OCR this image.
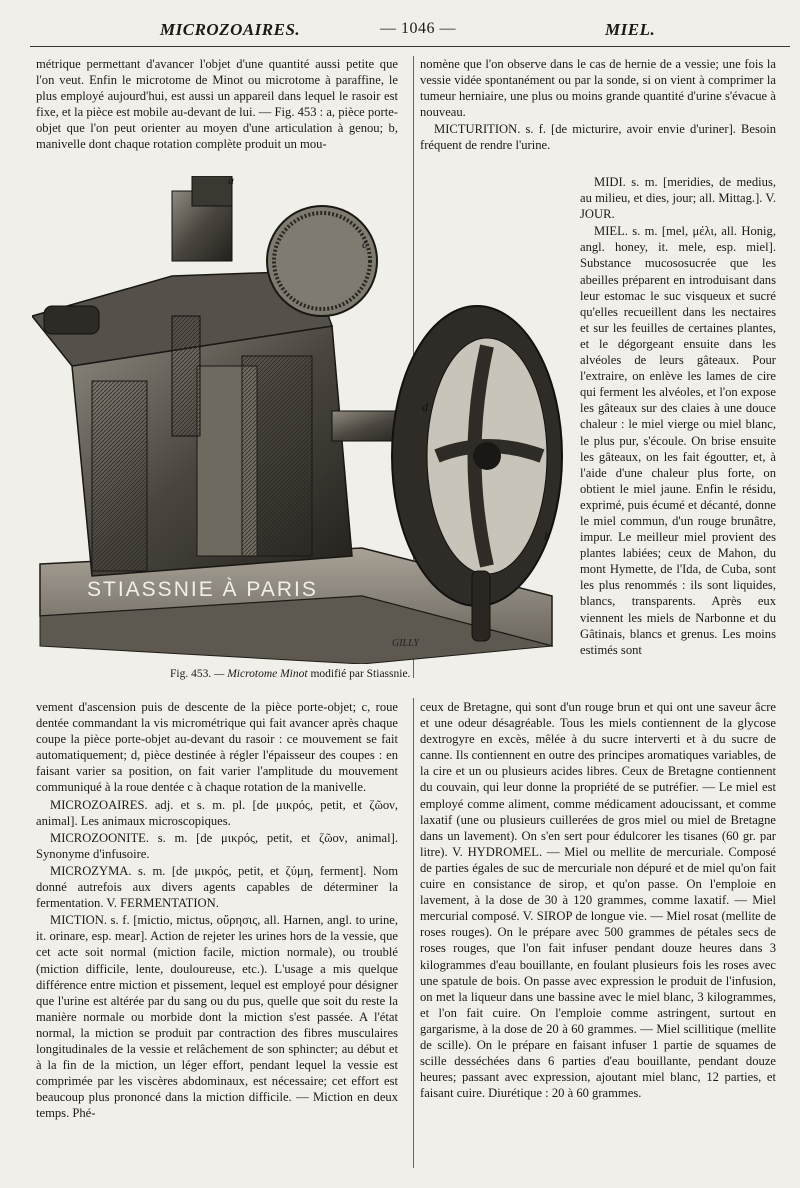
MICROZOAIRES.	— 1046 —	MIEL.

métrique permettant d'avancer l'objet d'une quantité aussi petite que l'on veut. Enfin le microtome de Minot ou microtome à paraffine, le plus employé aujourd'hui, est aussi un appareil dans lequel le rasoir est fixe, et la pièce est mobile au-devant de lui. — Fig. 453 : a, pièce porte-objet que l'on peut orienter au moyen d'une articulation à genou; b, manivelle dont chaque rotation complète produit un mou-

nomène que l'on observe dans le cas de hernie de a vessie; une fois la vessie vidée spontanément ou par la sonde, si on vient à comprimer la tumeur herniaire, une plus ou moins grande quantité d'urine s'évacue à nouveau.

MICTURITION. s. f. [de micturire, avoir envie d'uriner]. Besoin fréquent de rendre l'urine.

MIDI. s. m. [meridies, de medius, au milieu, et dies, jour; all. Mittag.]. V. JOUR.

MIEL. s. m. [mel, μέλι, all. Honig, angl. honey, it. mele, esp. miel]. Substance mucososucrée que les abeilles préparent en introduisant dans leur estomac le suc visqueux et sucré qu'elles recueillent dans les nectaires et sur les feuilles de certaines plantes, et le dégorgeant ensuite dans les alvéoles de leurs gâteaux. Pour l'extraire, on enlève les lames de cire qui ferment les alvéoles, et l'on expose les gâteaux sur des claies à une douce chaleur : le miel vierge ou miel blanc, le plus pur, s'écoule. On brise ensuite les gâteaux, on les fait égoutter, et, à l'aide d'une chaleur plus forte, on obtient le miel jaune. Enfin le résidu, exprimé, puis écumé et décanté, donne le miel commun, d'un rouge brunâtre, impur. Le meilleur miel provient des plantes labiées; ceux de Mahon, du mont Hymette, de l'Ida, de Cuba, sont les plus renommés : ils sont liquides, blancs, transparents. Après eux viennent les miels de Narbonne et du Gâtinais, blancs et grenus. Les moins estimés sont

STIASSNIE À PARIS
a
c
d
b
GILLY
Fig. 453. — Microtome Minot modifié par Stiassnie.

vement d'ascension puis de descente de la pièce porte-objet; c, roue dentée commandant la vis micrométrique qui fait avancer après chaque coupe la pièce porte-objet au-devant du rasoir : ce mouvement se fait automatiquement; d, pièce destinée à régler l'épaisseur des coupes : en faisant varier sa position, on fait varier l'amplitude du mouvement communiqué à la roue dentée c à chaque rotation de la manivelle.

MICROZOAIRES. adj. et s. m. pl. [de μικρός, petit, et ζῶον, animal]. Les animaux microscopiques.

MICROZOONITE. s. m. [de μικρός, petit, et ζῶον, animal]. Synonyme d'infusoire.

MICROZYMA. s. m. [de μικρός, petit, et ζύμη, ferment]. Nom donné autrefois aux divers agents capables de déterminer la fermentation. V. FERMENTATION.

MICTION. s. f. [mictio, mictus, οὔρησις, all. Harnen, angl. to urine, it. orinare, esp. mear]. Action de rejeter les urines hors de la vessie, que cet acte soit normal (miction facile, miction normale), ou troublé (miction difficile, lente, douloureuse, etc.). L'usage a mis quelque différence entre miction et pissement, lequel est employé pour désigner que l'urine est altérée par du sang ou du pus, quelle que soit du reste la manière normale ou morbide dont la miction s'est passée. A l'état normal, la miction se produit par contraction des fibres musculaires longitudinales de la vessie et relâchement de son sphincter; au début et à la fin de la miction, un léger effort, pendant lequel la vessie est comprimée par les viscères abdominaux, est nécessaire; cet effort est beaucoup plus prononcé dans la miction difficile. — Miction en deux temps. Phé-

ceux de Bretagne, qui sont d'un rouge brun et qui ont une saveur âcre et une odeur désagréable. Tous les miels contiennent de la glycose dextrogyre en excès, mêlée à du sucre interverti et à du sucre de canne. Ils contiennent en outre des principes aromatiques variables, de la cire et un ou plusieurs acides libres. Ceux de Bretagne contiennent du couvain, qui leur donne la propriété de se putréfier. — Le miel est employé comme aliment, comme médicament adoucissant, et comme laxatif (une ou plusieurs cuillerées de gros miel ou miel de Bretagne dans un lavement). On s'en sert pour édulcorer les tisanes (60 gr. par litre). V. HYDROMEL. — Miel ou mellite de mercuriale. Composé de parties égales de suc de mercuriale non dépuré et de miel qu'on fait cuire en consistance de sirop, et qu'on passe. On l'emploie en lavement, à la dose de 30 à 120 grammes, comme laxatif. — Miel mercurial composé. V. SIROP de longue vie. — Miel rosat (mellite de roses rouges). On le prépare avec 500 grammes de pétales secs de roses rouges, que l'on fait infuser pendant douze heures dans 3 kilogrammes d'eau bouillante, en foulant plusieurs fois les roses avec une spatule de bois. On passe avec expression le produit de l'infusion, on met la liqueur dans une bassine avec le miel blanc, 3 kilogrammes, et l'on fait cuire. On l'emploie comme astringent, surtout en gargarisme, à la dose de 20 à 60 grammes. — Miel scillitique (mellite de scille). On le prépare en faisant infuser 1 partie de squames de scille desséchées dans 6 parties d'eau bouillante, pendant douze heures; passant avec expression, ajoutant miel blanc, 12 parties, et faisant cuire. Diurétique : 20 à 60 grammes.
